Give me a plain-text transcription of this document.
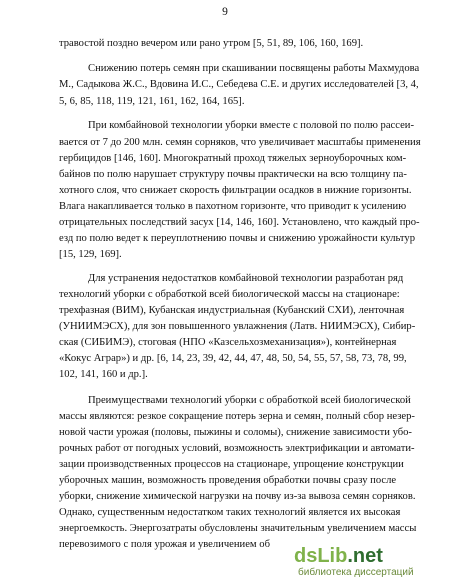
9
травостой поздно вечером или рано утром [5, 51, 89, 106, 160, 169].
Снижению потерь семян при скашивании посвящены работы Махмудова
М., Садыкова Ж.С., Вдовина И.С., Себедева С.Е. и других исследователей [3, 4,
5, 6, 85, 118, 119, 121, 161, 162, 164, 165].
При комбайновой технологии уборки вместе с половой по полю рассеи-
вается от 7 до 200 млн. семян сорняков, что увеличивает масштабы применения
гербицидов [146, 160]. Многократный проход тяжелых зерноуборочных ком-
байнов по полю нарушает структуру почвы практически на всю толщину па-
хотного слоя, что снижает скорость фильтрации осадков в нижние горизонты.
Влага накапливается только в пахотном горизонте, что приводит к усилению
отрицательных последствий засух [14, 146, 160]. Установлено, что каждый про-
езд по полю ведет к переуплотнению почвы и снижению урожайности культур
[15, 129, 169].
Для устранения недостатков комбайновой технологии разработан ряд
технологий уборки с обработкой всей биологической массы на стационаре:
трехфазная (ВИМ), Кубанская индустриальная (Кубанский СХИ), ленточная
(УНИИМЭСХ), для зон повышенного увлажнения (Латв. НИИМЭСХ), Сибир-
ская (СИБИМЭ), стоговая (НПО «Казсельхозмеханизация»), контейнерная
«Кокус Аграр») и др. [6, 14, 23, 39, 42, 44, 47, 48, 50, 54, 55, 57, 58, 73, 78, 99,
102, 141, 160 и др.].
Преимуществами технологий уборки с обработкой всей биологической
массы являются: резкое сокращение потерь зерна и семян, полный сбор незер-
новой части урожая (половы, пыжины и соломы), снижение зависимости убо-
рочных работ от погодных условий, возможность электрификации и автомати-
зации производственных процессов на стационаре, упрощение конструкции
уборочных машин, возможность проведения обработки почвы сразу после
уборки, снижение химической нагрузки на почву из-за вывоза семян сорняков.
Однако, существенным недостатком таких технологий является их высокая
энергоемкость. Энергозатраты обусловлены значительным увеличением массы
перевозимого с поля урожая и увеличением об
dsLib.net
библиотека диссертаций
